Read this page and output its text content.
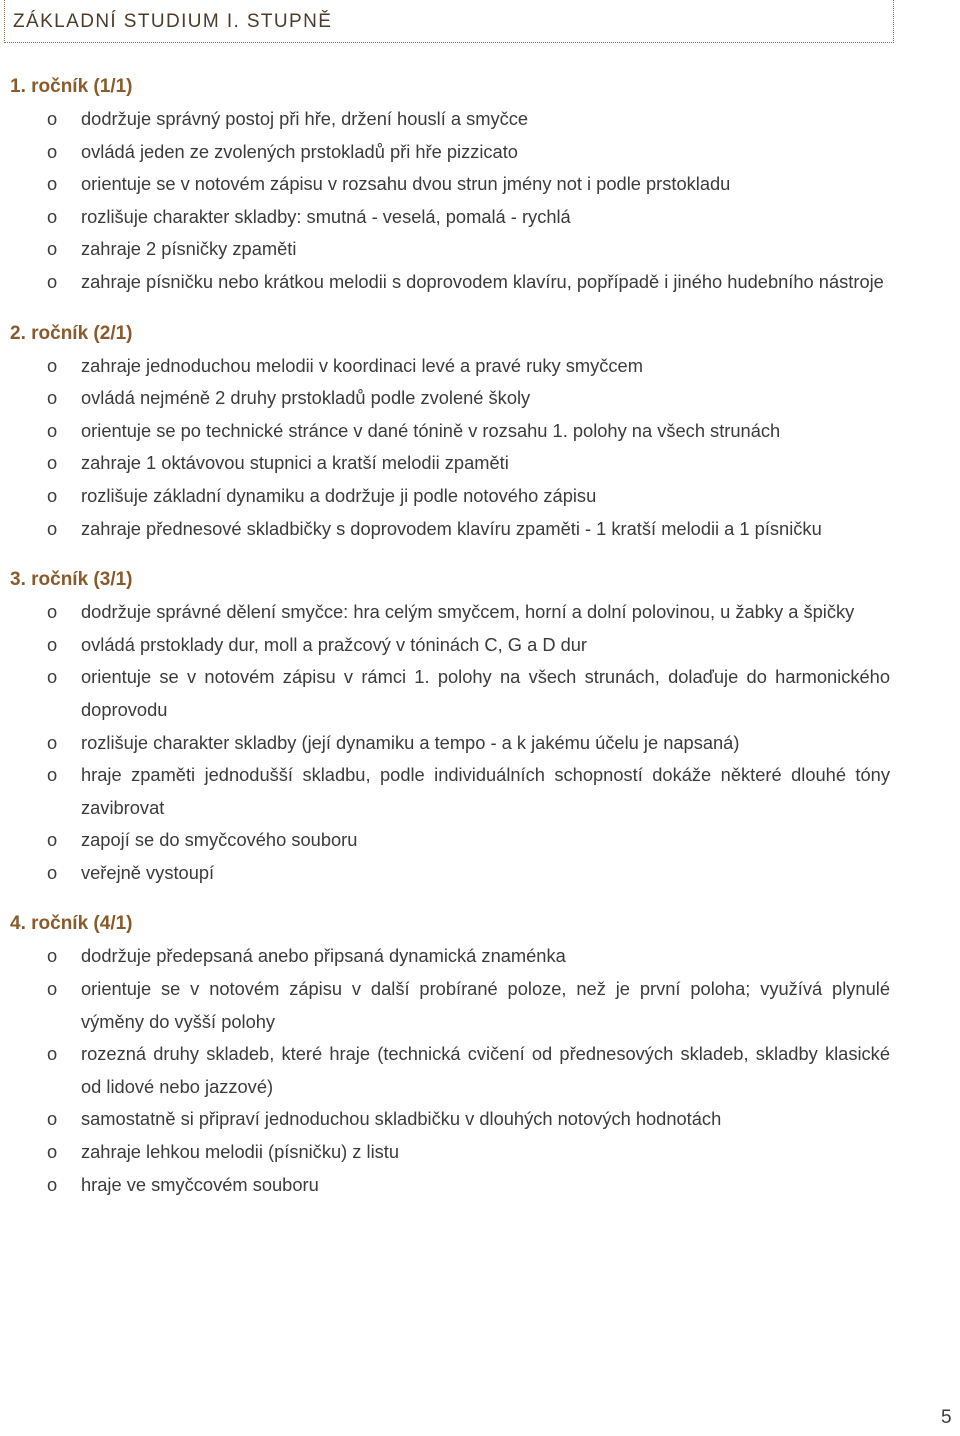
ZÁKLADNÍ STUDIUM I. STUPNĚ
1. ročník (1/1)
o dodržuje správný postoj při hře, držení houslí a smyčce
o ovládá jeden ze zvolených prstokladů při hře pizzicato
o orientuje se v notovém zápisu v rozsahu dvou strun jmény not i podle prstokladu
o rozlišuje charakter skladby: smutná - veselá, pomalá - rychlá
o zahraje 2 písničky zpaměti
o zahraje písničku nebo krátkou melodii s doprovodem klavíru, popřípadě i jiného hudebního nástroje
2. ročník (2/1)
o zahraje jednoduchou melodii v koordinaci levé a pravé ruky smyčcem
o ovládá nejméně 2 druhy prstokladů podle zvolené školy
o orientuje se po technické stránce v dané tónině v rozsahu 1. polohy na všech strunách
o zahraje 1 oktávovou stupnici a kratší melodii zpaměti
o rozlišuje základní dynamiku a dodržuje ji podle notového zápisu
o zahraje přednesové skladbičky s doprovodem klavíru zpaměti - 1 kratší melodii a 1 písničku
3. ročník (3/1)
o dodržuje správné dělení smyčce: hra celým smyčcem, horní a dolní polovinou, u žabky a špičky
o ovládá prstoklady dur, moll a pražcový v tóninách C, G a D dur
o orientuje se v notovém zápisu v rámci 1. polohy na všech strunách, dolaďuje do harmonického doprovodu
o rozlišuje charakter skladby (její dynamiku a tempo - a k jakému účelu je napsaná)
o hraje zpaměti jednodušší skladbu, podle individuálních schopností dokáže některé dlouhé tóny zavibrovat
o zapojí se do smyčcového souboru
o veřejně vystoupí
4. ročník (4/1)
o dodržuje předepsaná anebo připsaná dynamická znaménka
o orientuje se v notovém zápisu v další probírané poloze, než je první poloha; využívá plynulé výměny do vyšší polohy
o rozezná druhy skladeb, které hraje (technická cvičení od přednesových skladeb, skladby klasické od lidové nebo jazzové)
o samostatně si připraví jednoduchou skladbičku v dlouhých notových hodnotách
o zahraje lehkou melodii (písničku) z listu
o hraje ve smyčcovém souboru
5
